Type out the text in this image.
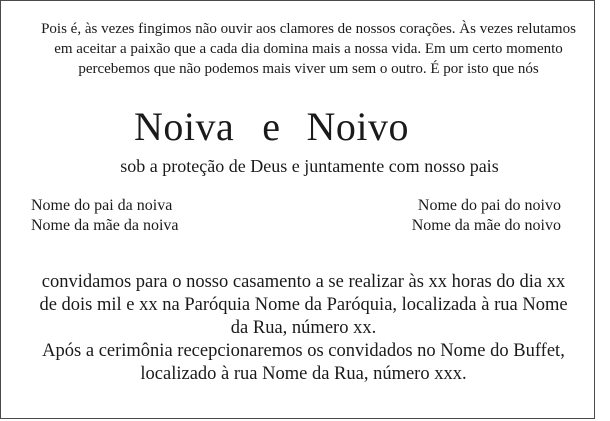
Pois é, às vezes fingimos não ouvir aos clamores de nossos corações. Às vezes relutamos em aceitar a paixão que a cada dia domina mais a nossa vida. Em um certo momento percebemos que não podemos mais viver um sem o outro. É por isto que nós

Noiva e Noivo

sob a proteção de Deus e juntamente com nosso pais

Nome do pai da noiva
Nome da mãe da noiva
Nome do pai do noivo
Nome da mãe do noivo

convidamos para o nosso casamento a se realizar às xx horas do dia xx de dois mil e xx na Paróquia Nome da Paróquia, localizada à rua Nome da Rua, número xx.

Após a cerimônia recepcionaremos os convidados no Nome do Buffet, localizado à rua Nome da Rua, número xxx.
